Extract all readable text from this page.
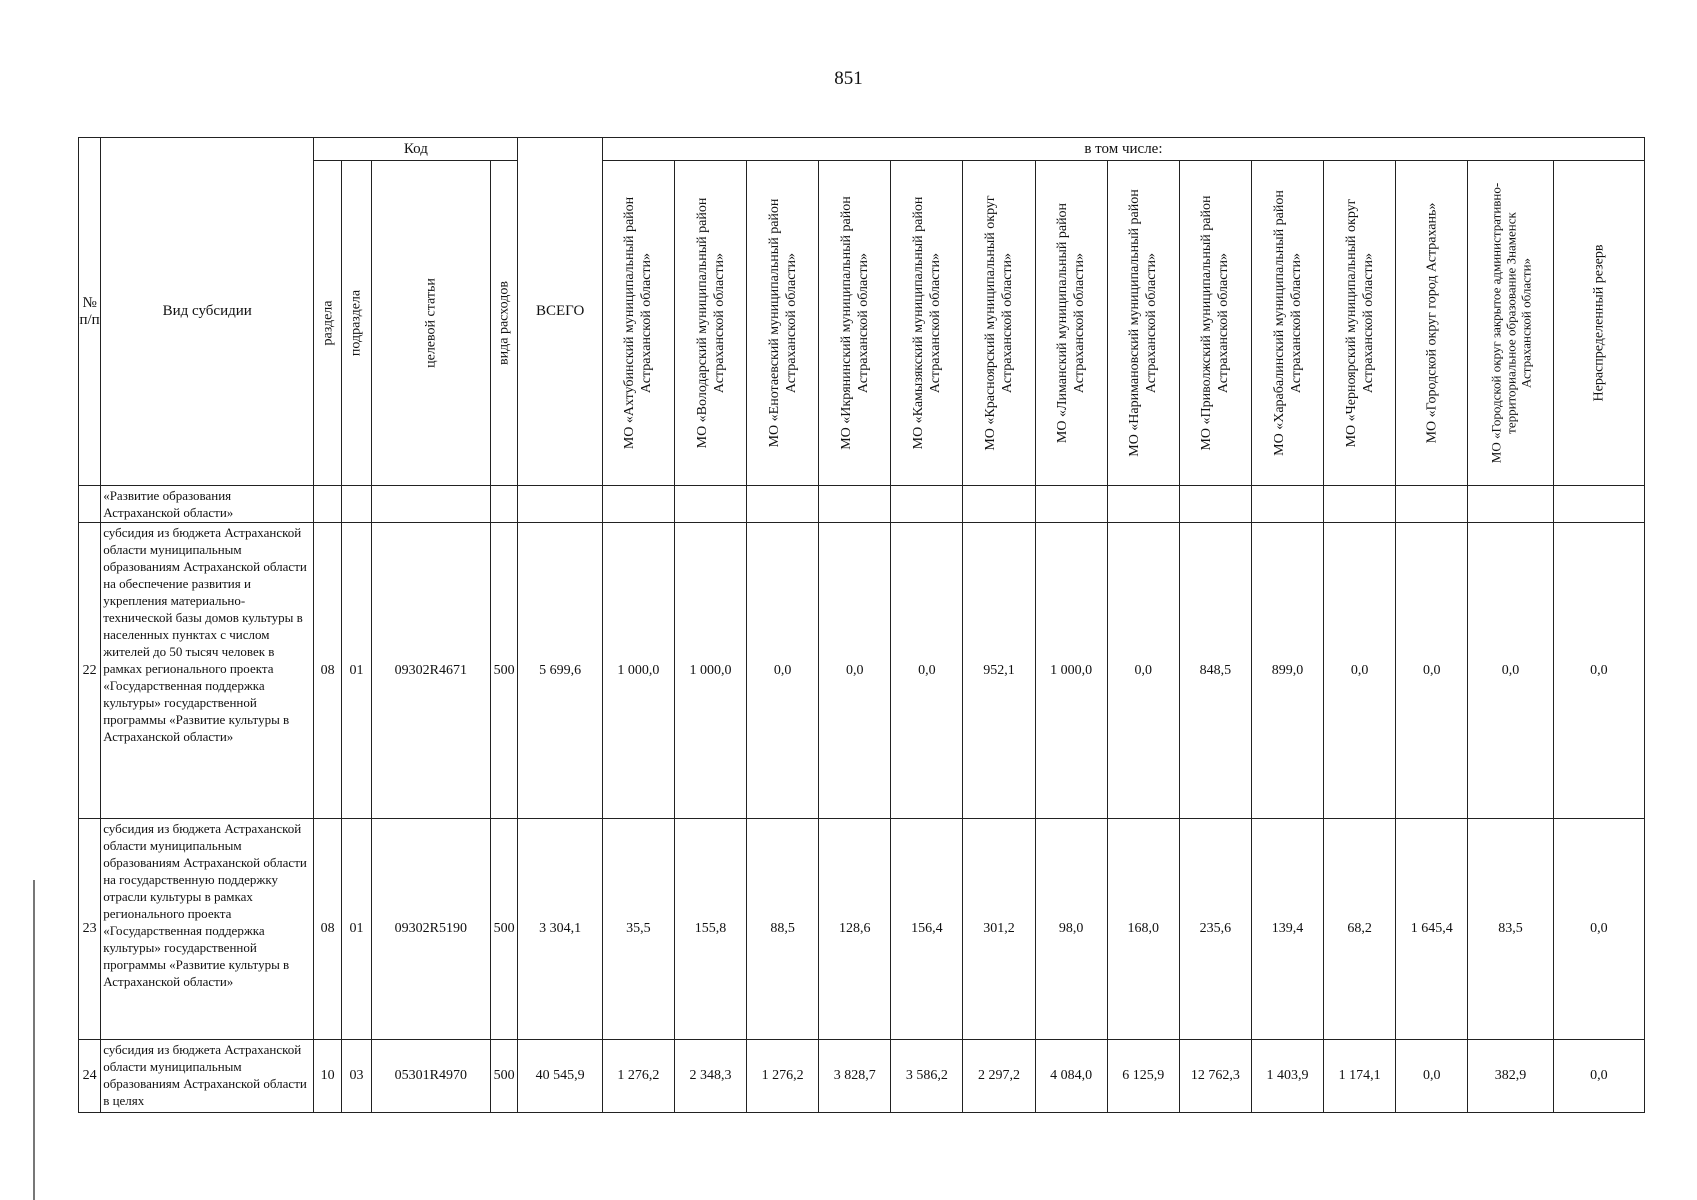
851
№ п/п	Вид субсидии	Код				ВСЕГО	в том числе:													

		раздела	подраздела	целевой статьи	вида расходов		МО «Ахтубинский муниципальный район Астраханской области»	МО «Володарский муниципальный район Астраханской области»	МО «Енотаевский муниципальный район Астраханской области»	МО «Икрянинский муниципальный район Астраханской области»	МО «Камызякский муниципальный район Астраханской области»	МО «Красноярский муниципальный округ Астраханской области»	МО «Лиманский муниципальный район Астраханской области»	МО «Наримановский муниципальный район Астраханской области»	МО «Приволжский муниципальный район Астраханской области»	МО «Харабалинский муниципальный район Астраханской области»	МО «Черноярский муниципальный округ Астраханской области»	МО «Городской округ город Астрахань»	МО «Городской округ закрытое административно-территориальное образование Знаменск Астраханской области»	Нераспределенный резерв

	«Развитие образования Астраханской области»																			
22	субсидия из бюджета Астраханской области муниципальным образованиям Астраханской области на обеспечение развития и укрепления материально-технической базы домов культуры в населенных пунктах с числом жителей до 50 тысяч человек в рамках регионального проекта «Государственная поддержка культуры» государственной программы «Развитие культуры в Астраханской области»	08	01	09302R4671	500	5 699,6	1 000,0	1 000,0	0,0	0,0	0,0	952,1	1 000,0	0,0	848,5	899,0	0,0	0,0	0,0	0,0
23	субсидия из бюджета Астраханской области муниципальным образованиям Астраханской области на государственную поддержку отрасли культуры в рамках регионального проекта «Государственная поддержка культуры» государственной программы «Развитие культуры в Астраханской области»	08	01	09302R5190	500	3 304,1	35,5	155,8	88,5	128,6	156,4	301,2	98,0	168,0	235,6	139,4	68,2	1 645,4	83,5	0,0
24	субсидия из бюджета Астраханской области муниципальным образованиям Астраханской области в целях	10	03	05301R4970	500	40 545,9	1 276,2	2 348,3	1 276,2	3 828,7	3 586,2	2 297,2	4 084,0	6 125,9	12 762,3	1 403,9	1 174,1	0,0	382,9	0,0
